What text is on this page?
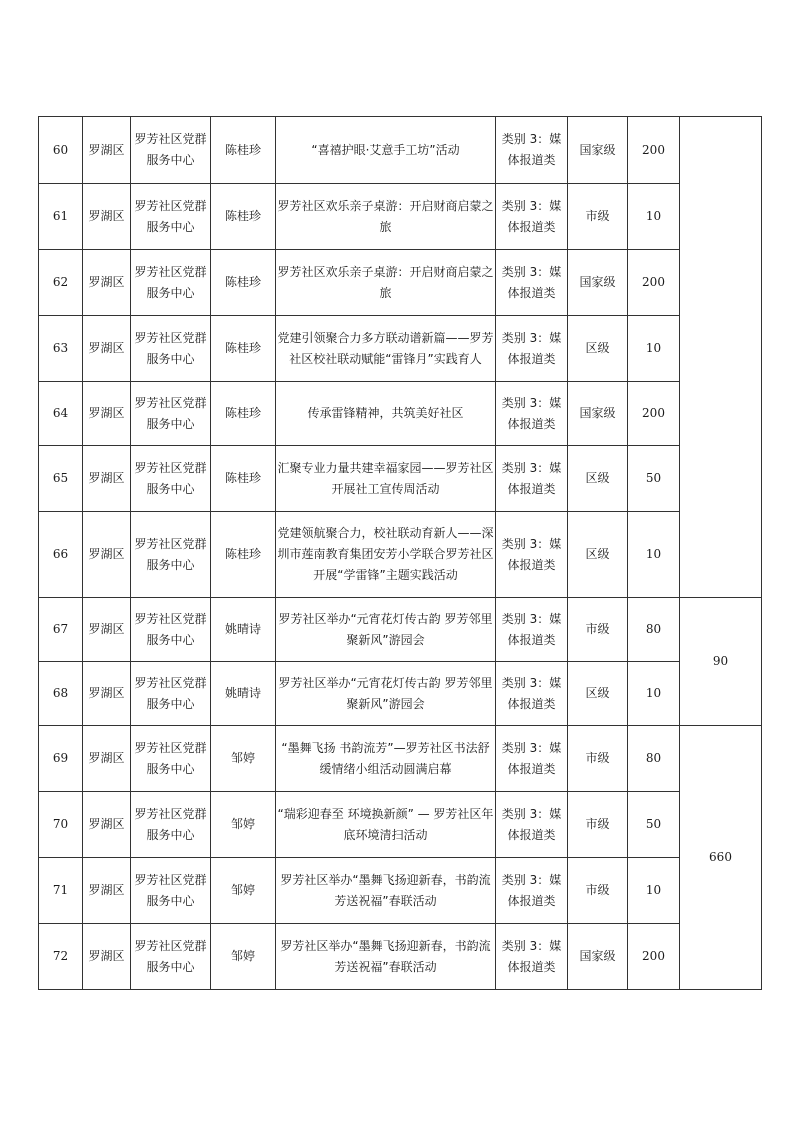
60	罗湖区	罗芳社区党群服务中心	陈桂珍	“喜禧护眼·艾意手工坊”活动	类别 3：媒体报道类	国家级	200	
61	罗湖区	罗芳社区党群服务中心	陈桂珍	罗芳社区欢乐亲子桌游：开启财商启蒙之旅	类别 3：媒体报道类	市级	10	
62	罗湖区	罗芳社区党群服务中心	陈桂珍	罗芳社区欢乐亲子桌游：开启财商启蒙之旅	类别 3：媒体报道类	国家级	200	
63	罗湖区	罗芳社区党群服务中心	陈桂珍	党建引领聚合力多方联动谱新篇——罗芳社区校社联动赋能“雷锋月”实践育人	类别 3：媒体报道类	区级	10	
64	罗湖区	罗芳社区党群服务中心	陈桂珍	传承雷锋精神，共筑美好社区	类别 3：媒体报道类	国家级	200	
65	罗湖区	罗芳社区党群服务中心	陈桂珍	汇聚专业力量共建幸福家园——罗芳社区开展社工宣传周活动	类别 3：媒体报道类	区级	50	
66	罗湖区	罗芳社区党群服务中心	陈桂珍	党建领航聚合力，校社联动育新人——深圳市莲南教育集团安芳小学联合罗芳社区开展“学雷锋”主题实践活动	类别 3：媒体报道类	区级	10	
67	罗湖区	罗芳社区党群服务中心	姚晴诗	罗芳社区举办“元宵花灯传古韵 罗芳邻里聚新风”游园会	类别 3：媒体报道类	市级	80	90
68	罗湖区	罗芳社区党群服务中心	姚晴诗	罗芳社区举办“元宵花灯传古韵 罗芳邻里聚新风”游园会	类别 3：媒体报道类	区级	10	
69	罗湖区	罗芳社区党群服务中心	邹婷	“墨舞飞扬 书韵流芳”—罗芳社区书法舒缓情绪小组活动圆满启幕	类别 3：媒体报道类	市级	80	660
70	罗湖区	罗芳社区党群服务中心	邹婷	“瑞彩迎春至 环境换新颜” — 罗芳社区年底环境清扫活动	类别 3：媒体报道类	市级	50	
71	罗湖区	罗芳社区党群服务中心	邹婷	罗芳社区举办“墨舞飞扬迎新春，书韵流芳送祝福”春联活动	类别 3：媒体报道类	市级	10	
72	罗湖区	罗芳社区党群服务中心	邹婷	罗芳社区举办“墨舞飞扬迎新春，书韵流芳送祝福”春联活动	类别 3：媒体报道类	国家级	200	
